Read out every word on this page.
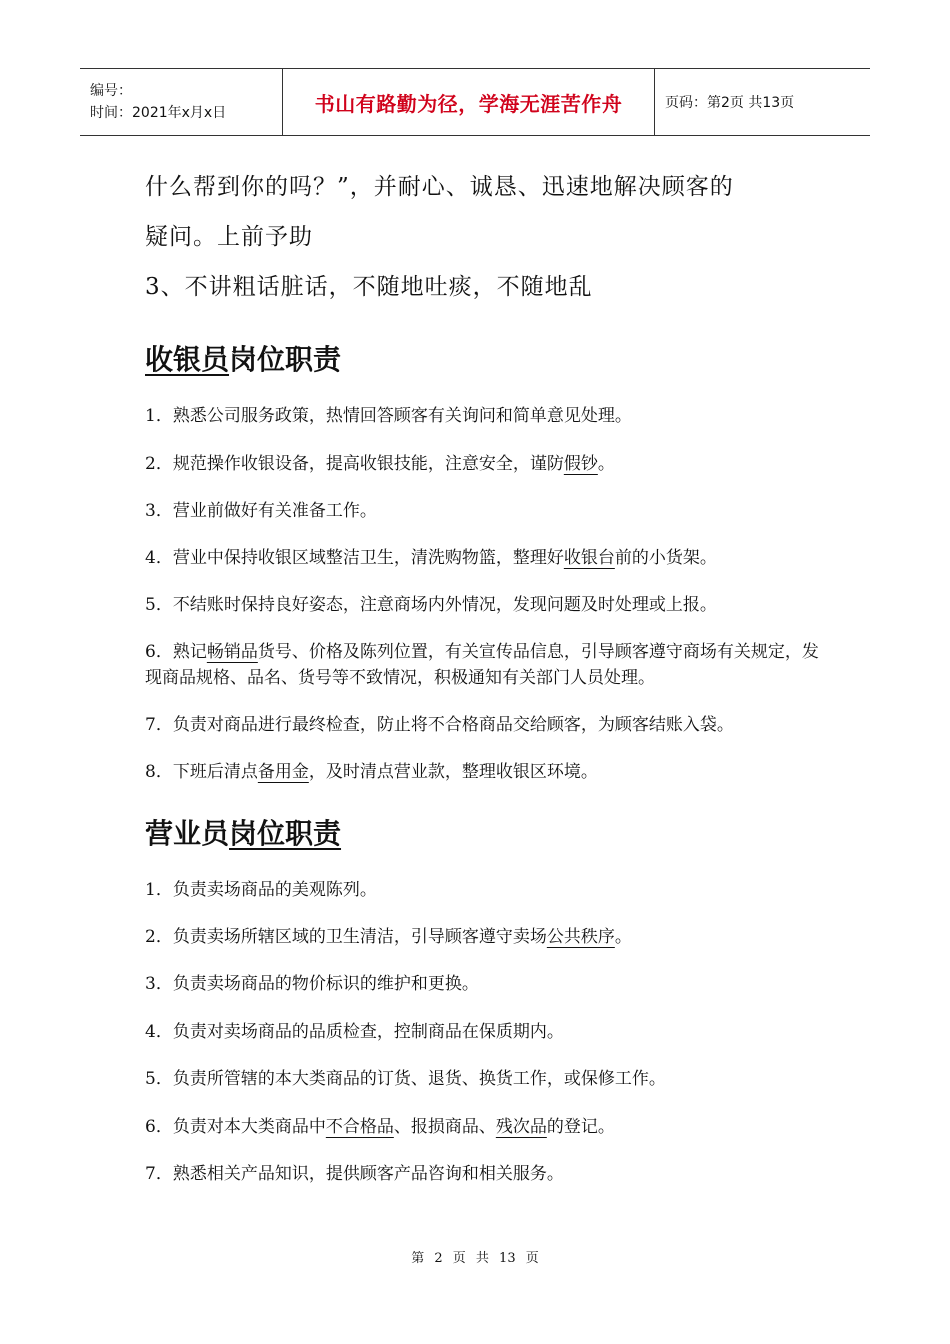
编号：
时间：2021年x月x日	书山有路勤为径，学海无涯苦作舟	页码：第2页 共13页
什么帮到你的吗？”，并耐心、诚恳、迅速地解决顾客的
疑问。上前予助
3、不讲粗话脏话，不随地吐痰，不随地乱
收银员岗位职责
1．熟悉公司服务政策，热情回答顾客有关询问和简单意见处理。
2．规范操作收银设备，提高收银技能，注意安全，谨防假钞。
3．营业前做好有关准备工作。
4．营业中保持收银区域整洁卫生，清洗购物篮，整理好收银台前的小货架。
5．不结账时保持良好姿态，注意商场内外情况，发现问题及时处理或上报。
6．熟记畅销品货号、价格及陈列位置，有关宣传品信息，引导顾客遵守商场有关规定，发现商品规格、品名、货号等不致情况，积极通知有关部门人员处理。
7．负责对商品进行最终检查，防止将不合格商品交给顾客，为顾客结账入袋。
8．下班后清点备用金，及时清点营业款，整理收银区环境。
营业员岗位职责
1．负责卖场商品的美观陈列。
2．负责卖场所辖区域的卫生清洁，引导顾客遵守卖场公共秩序。
3．负责卖场商品的物价标识的维护和更换。
4．负责对卖场商品的品质检查，控制商品在保质期内。
5．负责所管辖的本大类商品的订货、退货、换货工作，或保修工作。
6．负责对本大类商品中不合格品、报损商品、残次品的登记。
7．熟悉相关产品知识，提供顾客产品咨询和相关服务。
第 2 页 共 13 页
